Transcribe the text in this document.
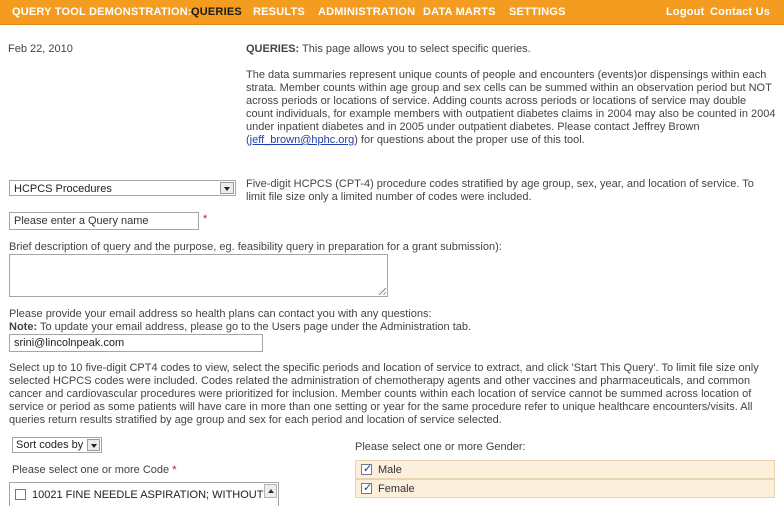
QUERY TOOL DEMONSTRATION: QUERIES RESULTS ADMINISTRATION DATA MARTS SETTINGS	Logout Contact Us
Feb 22, 2010	QUERIES: This page allows you to select specific queries.

The data summaries represent unique counts of people and encounters (events)or dispensings within each strata. Member counts within age group and sex cells can be summed within an observation period but NOT across periods or locations of service. Adding counts across periods or locations of service may double count individuals, for example members with outpatient diabetes claims in 2004 may also be counted in 2004 under inpatient diabetes and in 2005 under outpatient diabetes. Please contact Jeffrey Brown (jeff_brown@hphc.org) for questions about the proper use of this tool.

HCPCS Procedures	Five-digit HCPCS (CPT-4) procedure codes stratified by age group, sex, year, and location of service. To limit file size only a limited number of codes were included.
Please enter a Query name	*
Brief description of query and the purpose, eg. feasibility query in preparation for a grant submission):
Please provide your email address so health plans can contact you with any questions:
Note: To update your email address, please go to the Users page under the Administration tab.
srini@lincolnpeak.com
Select up to 10 five-digit CPT4 codes to view, select the specific periods and location of service to extract, and click 'Start This Query'. To limit file size only selected HCPCS codes were included. Codes related the administration of chemotherapy agents and other vaccines and pharmaceuticals, and common cancer and cardiovascular procedures were prioritized for inclusion. Member counts within each location of service cannot be summed across location of service or period as some patients will have care in more than one setting or year for the same procedure refer to unique healthcare encounters/visits. All queries return results stratified by age group and sex for each period and location of service selected.
Sort codes by
Please select one or more Code *
10021 FINE NEEDLE ASPIRATION; WITHOUT
Please select one or more Gender:
✓
Male
✓
Female
